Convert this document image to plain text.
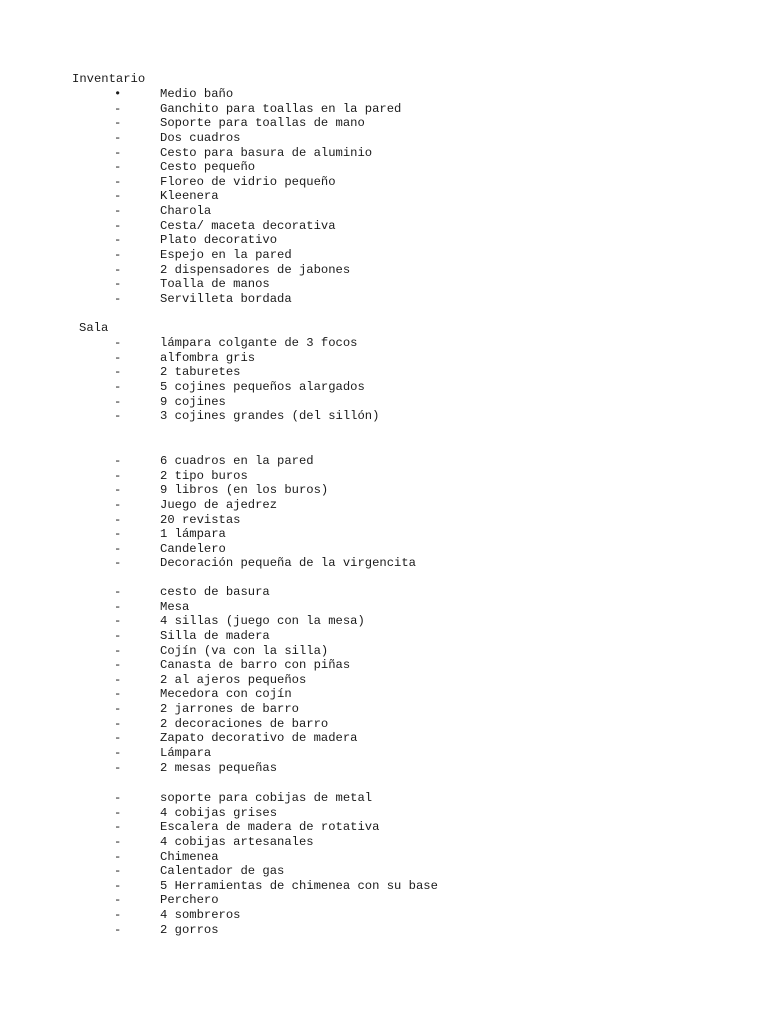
Inventario
•	Medio baño
-	Ganchito para toallas en la pared
-	Soporte para toallas de mano
-	Dos cuadros
-	Cesto para basura de aluminio
-	Cesto pequeño
-	Floreo de vidrio pequeño
-	Kleenera
-	Charola
-	Cesta/ maceta decorativa
-	Plato decorativo
-	Espejo en la pared
-	2 dispensadores de jabones
-	Toalla de manos
-	Servilleta bordada
Sala
-	lámpara colgante de 3 focos
-	alfombra gris
-	2 taburetes
-	5 cojines pequeños alargados
-	9 cojines
-	3 cojines grandes (del sillón)
-	6 cuadros en la pared
-	2 tipo buros
-	9 libros (en los buros)
-	Juego de ajedrez
-	20 revistas
-	1 lámpara
-	Candelero
-	Decoración pequeña de la virgencita
-	cesto de basura
-	Mesa
-	4 sillas (juego con la mesa)
-	Silla de madera
-	Cojín (va con la silla)
-	Canasta de barro con piñas
-	2 al ajeros pequeños
-	Mecedora con cojín
-	2 jarrones de barro
-	2 decoraciones de barro
-	Zapato decorativo de madera
-	Lámpara
-	2 mesas pequeñas
-	soporte para cobijas de metal
-	4 cobijas grises
-	Escalera de madera de rotativa
-	4 cobijas artesanales
-	Chimenea
-	Calentador de gas
-	5 Herramientas de chimenea con su base
-	Perchero
-	4 sombreros
-	2 gorros
